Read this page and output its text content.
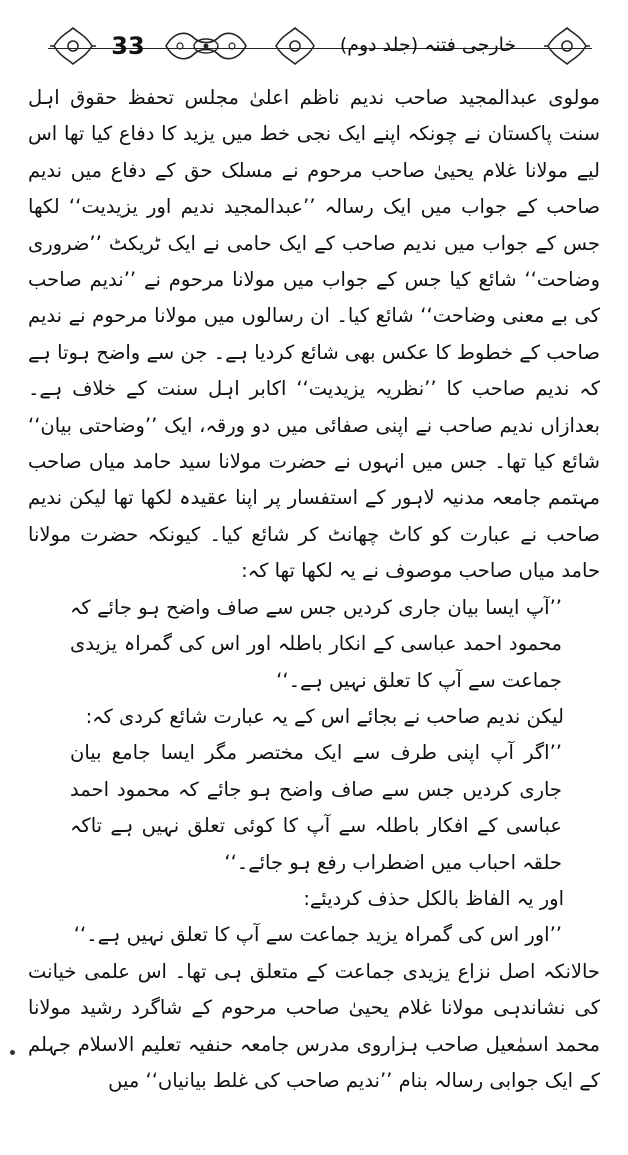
33	خارجی فتنہ (جلد دوم)

مولوی عبدالمجید صاحب ندیم ناظم اعلیٰ مجلس تحفظ حقوق اہل سنت پاکستان نے چونکہ اپنے ایک نجی خط میں یزید کا دفاع کیا تھا اس لیے مولانا غلام یحییٰ صاحب مرحوم نے مسلک حق کے دفاع میں ندیم صاحب کے جواب میں ایک رسالہ ’’عبدالمجید ندیم اور یزیدیت‘‘ لکھا جس کے جواب میں ندیم صاحب کے ایک حامی نے ایک ٹریکٹ ’’ضروری وضاحت‘‘ شائع کیا جس کے جواب میں مولانا مرحوم نے ’’ندیم صاحب کی بے معنی وضاحت‘‘ شائع کیا۔ ان رسالوں میں مولانا مرحوم نے ندیم صاحب کے خطوط کا عکس بھی شائع کردیا ہے۔ جن سے واضح ہوتا ہے کہ ندیم صاحب کا ’’نظریہ یزیدیت‘‘ اکابر اہل سنت کے خلاف ہے۔ بعدازاں ندیم صاحب نے اپنی صفائی میں دو ورقہ، ایک ’’وضاحتی بیان‘‘ شائع کیا تھا۔ جس میں انہوں نے حضرت مولانا سید حامد میاں صاحب مہتمم جامعہ مدنیہ لاہور کے استفسار پر اپنا عقیدہ لکھا تھا لیکن ندیم صاحب نے عبارت کو کاٹ چھانٹ کر شائع کیا۔ کیونکہ حضرت مولانا حامد میاں صاحب موصوف نے یہ لکھا تھا کہ:

’’آپ ایسا بیان جاری کردیں جس سے صاف واضح ہو جائے کہ محمود احمد عباسی کے انکار باطلہ اور اس کی گمراہ یزیدی جماعت سے آپ کا تعلق نہیں ہے۔‘‘

لیکن ندیم صاحب نے بجائے اس کے یہ عبارت شائع کردی کہ:

’’اگر آپ اپنی طرف سے ایک مختصر مگر ایسا جامع بیان جاری کردیں جس سے صاف واضح ہو جائے کہ محمود احمد عباسی کے افکار باطلہ سے آپ کا کوئی تعلق نہیں ہے تاکہ حلقہ احباب میں اضطراب رفع ہو جائے۔‘‘

اور یہ الفاظ بالکل حذف کردیئے:

’’اور اس کی گمراہ یزید جماعت سے آپ کا تعلق نہیں ہے۔‘‘

حالانکہ اصل نزاع یزیدی جماعت کے متعلق ہی تھا۔ اس علمی خیانت کی نشاندہی مولانا غلام یحییٰ صاحب مرحوم کے شاگرد رشید مولانا محمد اسمٰعیل صاحب ہزاروی مدرس جامعہ حنفیہ تعلیم الاسلام جہلم کے ایک جوابی رسالہ بنام ’’ندیم صاحب کی غلط بیانیاں‘‘ میں
